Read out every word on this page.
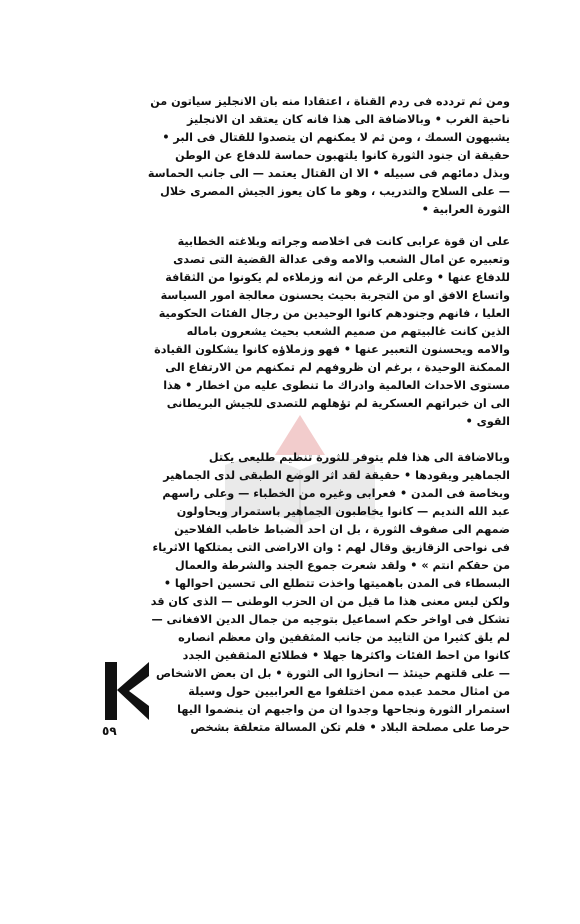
ومن ثم تردده فى ردم القناة ، اعتقاداً منه بأن الانجليز سيأتون من
ناحية الغرب • وبالاضافة الى هذا فانه كان يعتقد أن الانجليز
يشبهون السمك ، ومن ثم لا يمكنهم أن يتصدوا للقتال فى البر •
حقيقة ان جنود الثورة كانوا يلتهبون حماسة للدفاع عن الوطن
وبذل دمائهم فى سبيله • الا أن القتال يعتمد — الى جانب الحماسة
— على السلاح والتدريب ، وهو ما كان يعوز الجيش المصرى خلال
الثورة العرابية •
على أن قوة عرابى كانت فى اخلاصه وجراته وبلاغته الخطابية
وتعبيره عن آمال الشعب وآلامه وفى عدالة القضية التى تصدى
للدفاع عنها • وعلى الرغم من انه وزملاءه لم يكونوا من الثقافة
واتساع الافق أو من التجربة بحيث يحسنون معالجة أمور السياسة
العليا ، فانهم وجنودهم كانوا الوحيدين من رجال الفئات الحكومية
الذين كانت غالبيتهم من صميم الشعب بحيث يشعرون بآماله
وآلامه ويحسنون التعبير عنها • فهو وزملاؤه كانوا يشكلون القيادة
الممكنة الوحيدة ، برغم أن ظروفهم لم تمكنهم من الارتفاع الى
مستوى الأحداث العالمية وادراك ما تنطوى عليه من أخطار • هذا
الى أن خبراتهم العسكرية لم تؤهلهم للتصدى للجيش البريطانى
القوى •
وبالاضافة الى هذا فلم يتوفر للثورة تنظيم طليعى يكتل
الجماهير ويقودها • حقيقة لقد أثر الوضع الطبقى لدى الجماهير
وبخاصة فى المدن • فعرابى وغيره من الخطباء — وعلى رأسهم
عبد الله النديم — كانوا يخاطبون الجماهير باستمرار ويحاولون
ضمهم الى صفوف الثورة ، بل ان أحد الضباط خاطب الفلاحين
فى نواحى الزقازيق وقال لهم : وان الاراضى التى يمتلكها الاثرياء
من حقكم انتم » • ولقد شعرت جموع الجند والشرطة والعمال
البسطاء فى المدن بأهميتها وأخذت تتطلع الى تحسين أحوالها •
ولكن ليس معنى هذا ما قيل من أن الحزب الوطنى — الذى كان قد
تشكل فى أواخر حكم اسماعيل بتوجيه من جمال الدين الافغانى —
لم يلق كثيرا من التأييد من جانب المثقفين وأن معظم أنصاره
كانوا من أحط الفئات وأكثرها جهلا • فطلائع المثقفين الجدد
— على قلتهم حينئذ — انحازوا الى الثورة • بل ان بعض الاشخاص
من أمثال محمد عبده ممن اختلفوا مع العرابيين حول وسيلة
استمرار الثورة ونجاحها وجدوا أن من واجبهم أن ينضموا اليها
حرصاً على مصلحة البلاد • فلم تكن المسألة متعلقة بشخص
٥٩
